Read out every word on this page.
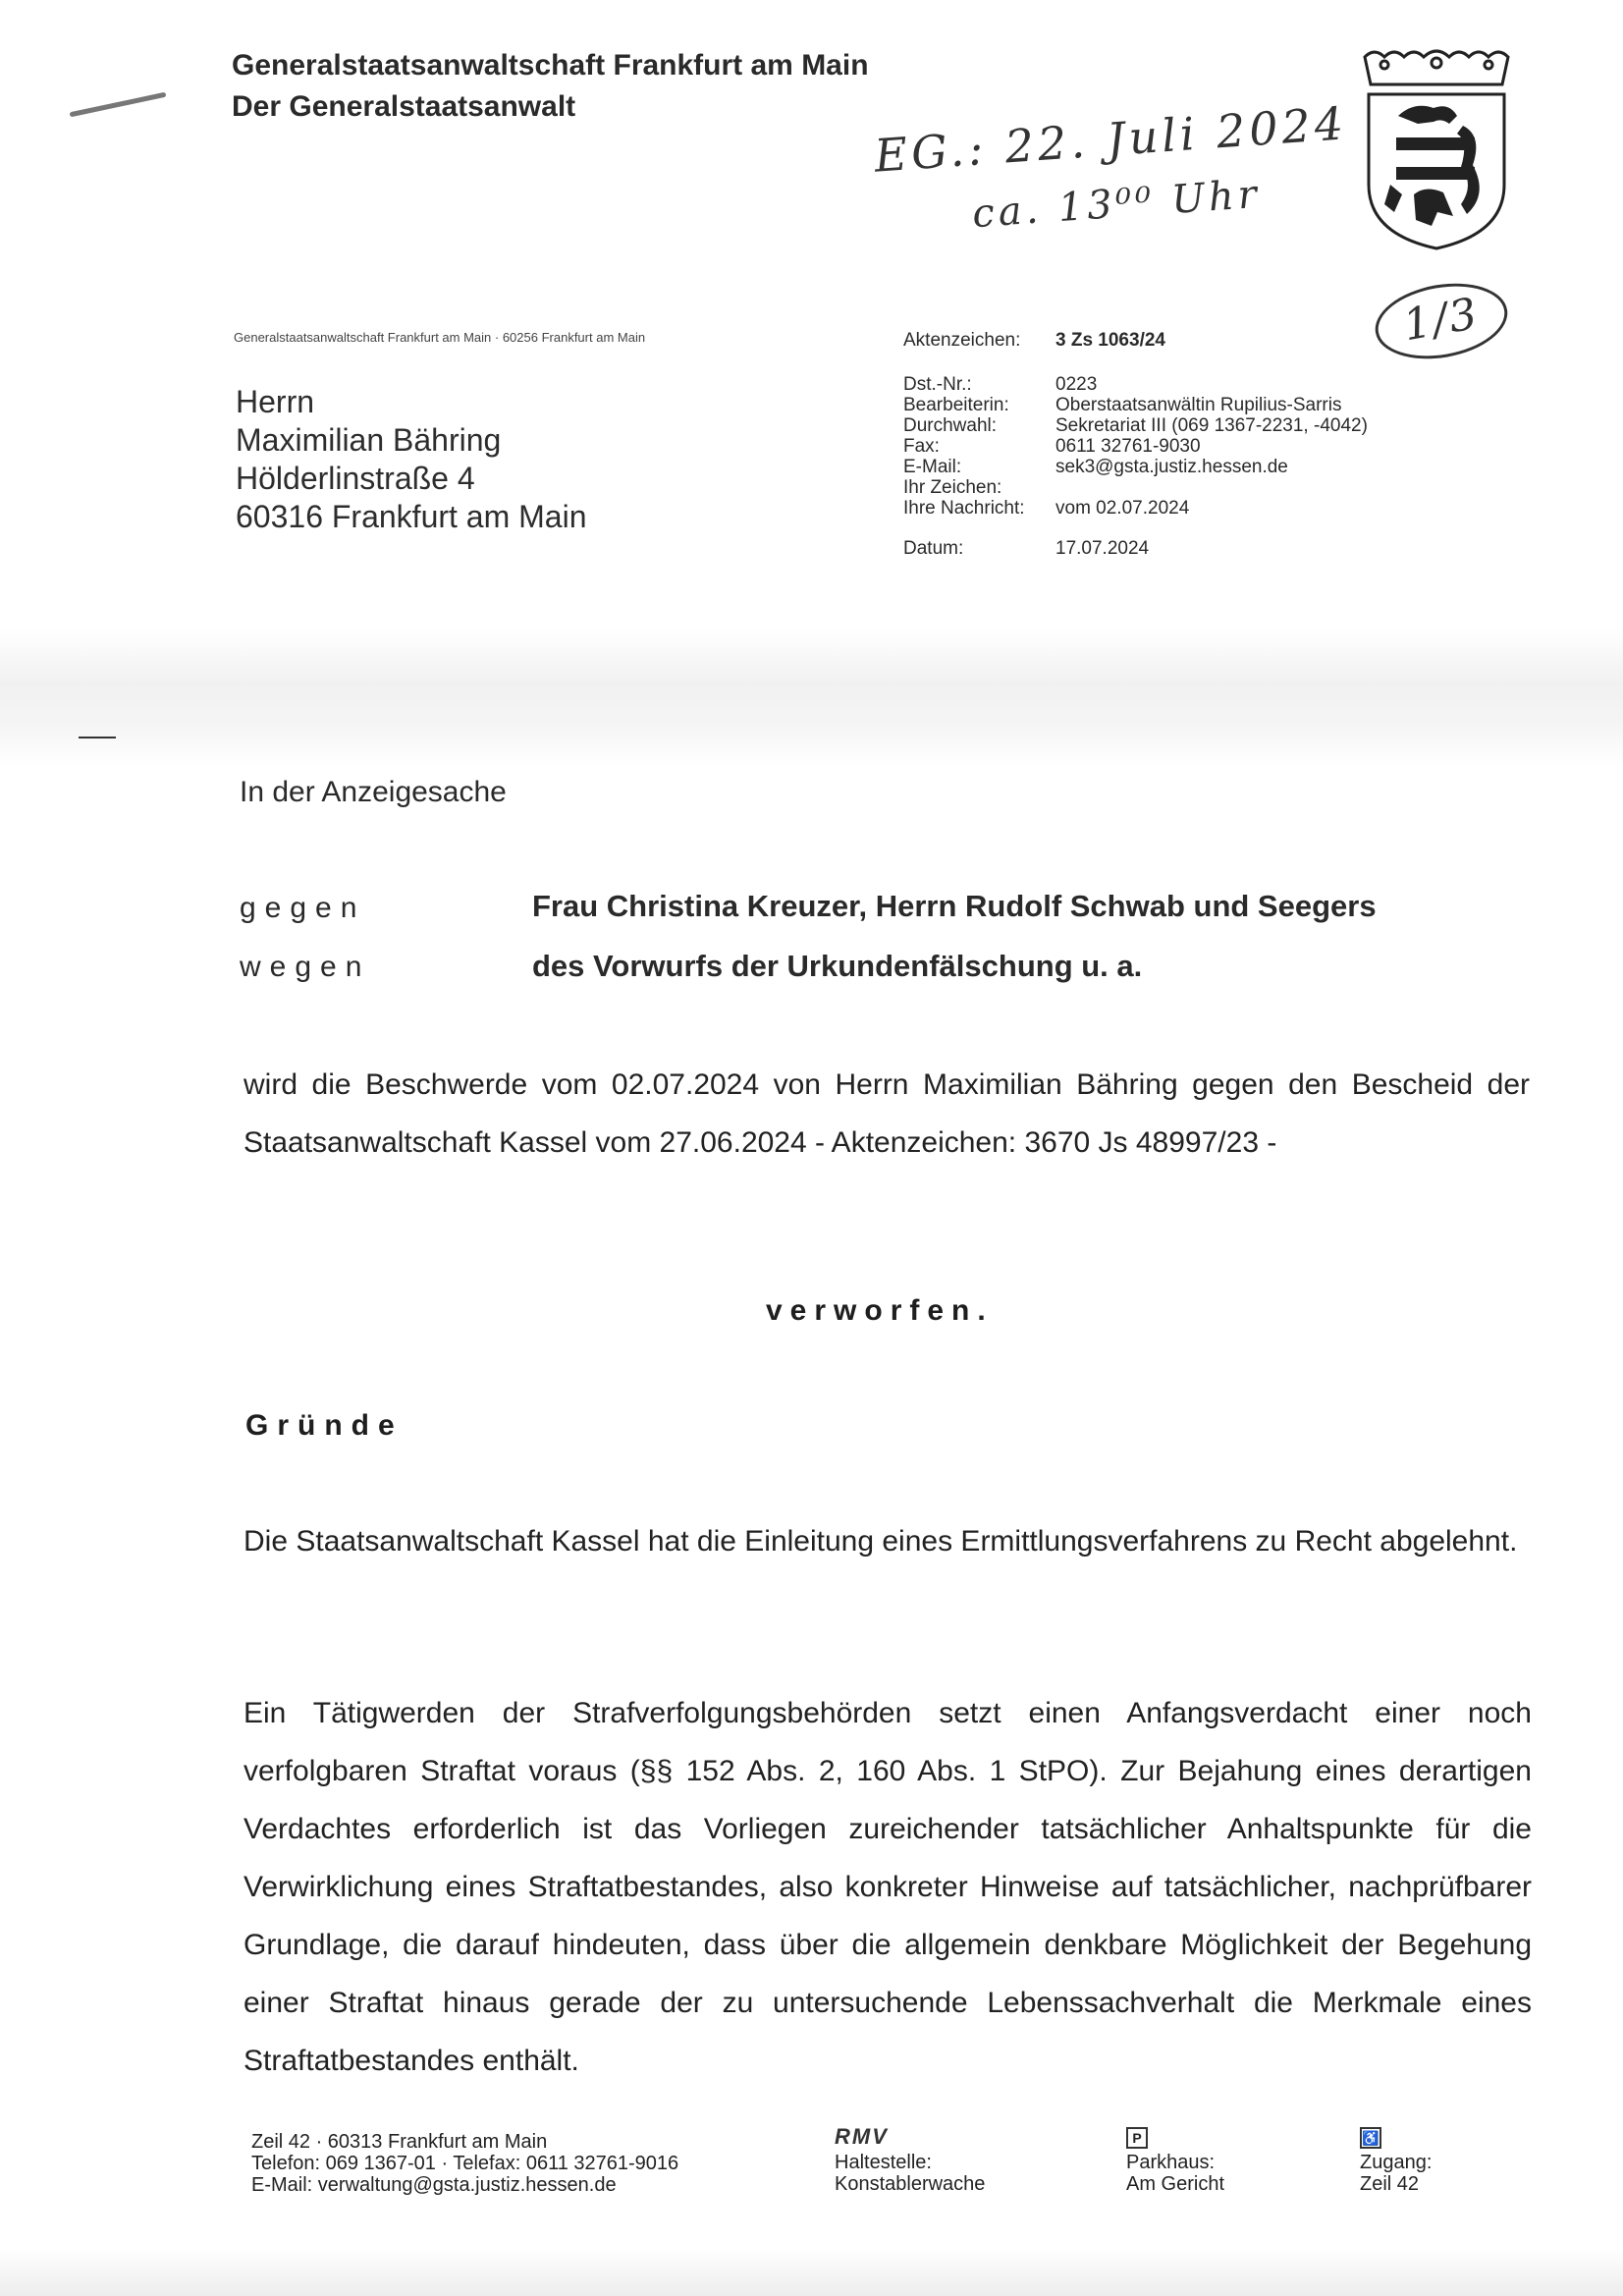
Generalstaatsanwaltschaft Frankfurt am Main
Der Generalstaatsanwalt	EG.: 22. Juli 2024
ca. 13⁰⁰ Uhr
1/3
Generalstaatsanwaltschaft Frankfurt am Main · 60256 Frankfurt am Main
Herrn
Maximilian Bähring
Hölderlinstraße 4
60316 Frankfurt am Main
Aktenzeichen:	3 Zs 1063/24
Dst.-Nr.:	0223
Bearbeiterin:	Oberstaatsanwältin Rupilius-Sarris
Durchwahl:	Sekretariat III (069 1367-2231, -4042)
Fax:	0611 32761-9030
E-Mail:	sek3@gsta.justiz.hessen.de
Ihr Zeichen:
Ihre Nachricht:	vom 02.07.2024
Datum:	17.07.2024
In der Anzeigesache
gegen	Frau Christina Kreuzer, Herrn Rudolf Schwab und Seegers
wegen	des Vorwurfs der Urkundenfälschung u. a.
wird die Beschwerde vom 02.07.2024 von Herrn Maximilian Bähring gegen den Bescheid der Staatsanwaltschaft Kassel vom 27.06.2024 - Aktenzeichen: 3670 Js 48997/23 -
verworfen.
Gründe
Die Staatsanwaltschaft Kassel hat die Einleitung eines Ermittlungsverfahrens zu Recht abgelehnt.
Ein Tätigwerden der Strafverfolgungsbehörden setzt einen Anfangsverdacht einer noch verfolgbaren Straftat voraus (§§ 152 Abs. 2, 160 Abs. 1 StPO). Zur Bejahung eines derartigen Verdachtes erforderlich ist das Vorliegen zureichender tatsächlicher Anhaltspunkte für die Verwirklichung eines Straftatbestandes, also konkreter Hinweise auf tatsächlicher, nachprüfbarer Grundlage, die darauf hindeuten, dass über die allgemein denkbare Möglichkeit der Begehung einer Straftat hinaus gerade der zu untersuchende Lebenssachverhalt die Merkmale eines Straftatbestandes enthält.
Zeil 42 · 60313 Frankfurt am Main
Telefon: 069 1367-01 · Telefax: 0611 32761-9016
E-Mail: verwaltung@gsta.justiz.hessen.de
RMV
Haltestelle:
Konstablerwache
P
Parkhaus:
Am Gericht
♿
Zugang:
Zeil 42
